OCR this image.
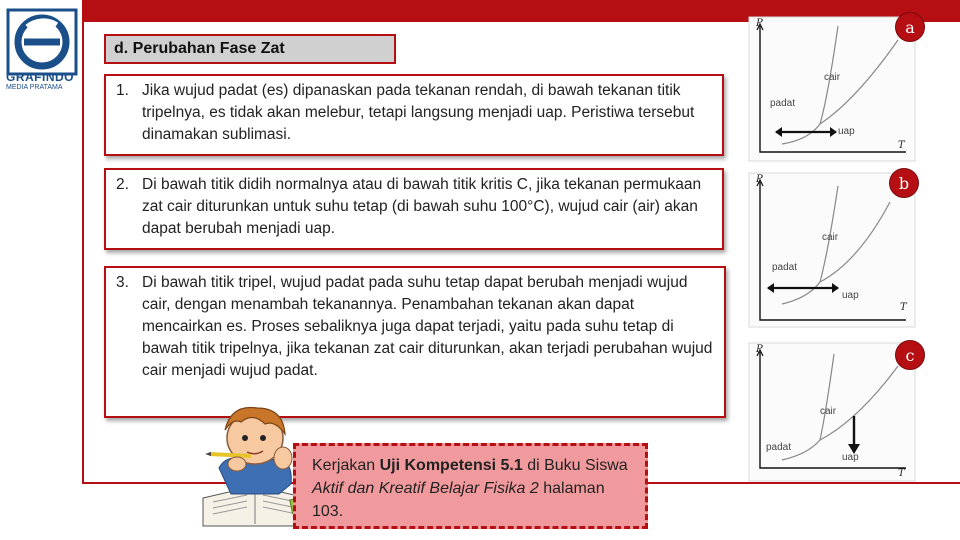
GRAFINDO
MEDIA PRATAMA
d. Perubahan Fase Zat
1. Jika wujud padat (es) dipanaskan pada tekanan rendah, di bawah tekanan titik tripelnya, es tidak akan melebur, tetapi langsung menjadi uap. Peristiwa tersebut dinamakan sublimasi.
2. Di bawah titik didih normalnya atau di bawah titik kritis C, jika tekanan permukaan zat cair diturunkan untuk suhu tetap (di bawah suhu 100°C), wujud cair (air) akan dapat berubah menjadi uap.
3. Di bawah titik tripel, wujud padat pada suhu tetap dapat berubah menjadi wujud cair, dengan menambah tekanannya. Penambahan tekanan akan dapat mencairkan es. Proses sebaliknya juga dapat terjadi, yaitu pada suhu tetap di bawah titik tripelnya, jika tekanan zat cair diturunkan, akan terjadi perubahan wujud cair menjadi wujud padat.
Kerjakan Uji Kompetensi 5.1 di Buku Siswa Aktif dan Kreatif Belajar Fisika 2 halaman 103.
P
T
cair
padat
uap
a
P
T
cair
padat
uap
b
P
T
cair
padat
uap
c
